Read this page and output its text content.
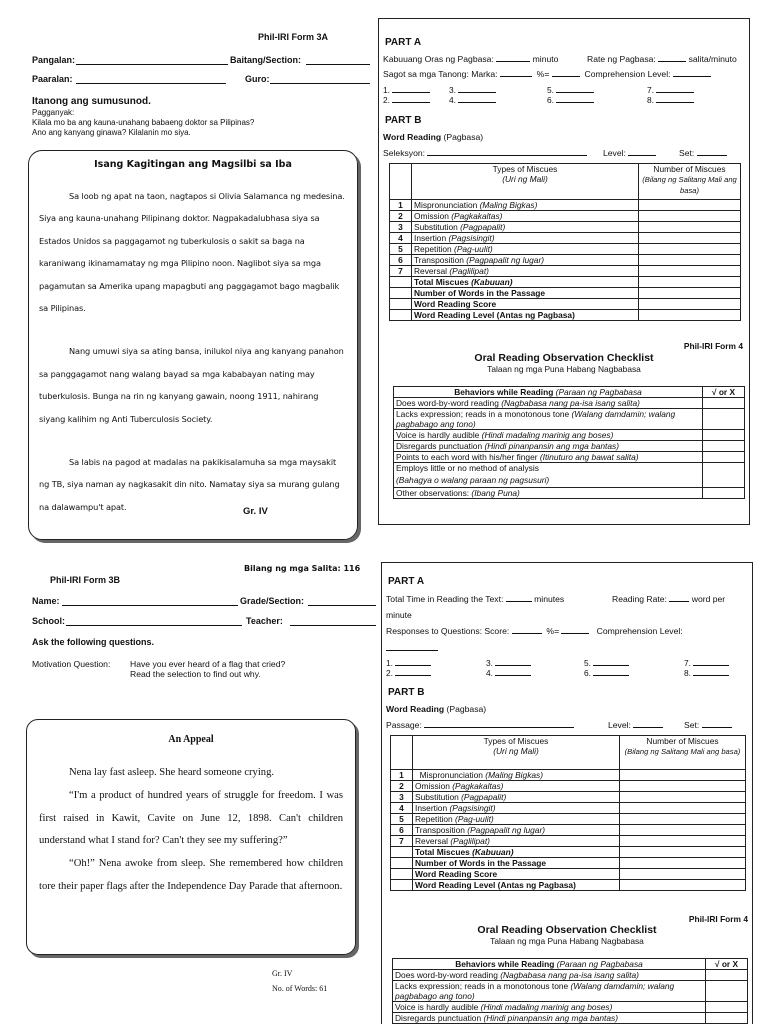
Phil-IRI Form 3A
Pangalan:	Baitang/Section:
Paaralan:	Guro:
Itanong ang sumusunod.
Pagganyak:
Kilala mo ba ang kauna-unahang babaeng doktor sa Pilipinas?
Ano ang kanyang ginawa? Kilalanin mo siya.
Isang Kagitingan ang Magsilbi sa Iba

Sa loob ng apat na taon, nagtapos si Olivia Salamanca ng medesina. Siya ang kauna-unahang Pilipinang doktor. Nagpakadalubhasa siya sa Estados Unidos sa paggagamot ng tuberkulosis o sakit sa baga na karaniwang ikinamamatay ng mga Pilipino noon. Naglibot siya sa mga pagamutan sa Amerika upang mapagbuti ang paggagamot bago magbalik sa Pilipinas.

Nang umuwi siya sa ating bansa, inilukol niya ang kanyang panahon sa panggagamot nang walang bayad sa mga kababayan nating may tuberkulosis. Bunga na rin ng kanyang gawain, noong 1911, nahirang siyang kalihim ng Anti Tuberculosis Society.

Sa labis na pagod at madalas na pakikisalamuha sa mga maysakit ng TB, siya naman ay nagkasakit din nito. Namatay siya sa murang gulang na dalawampu't apat.	Gr. IV
PART A
Kabuuang Oras ng Pagbasa:	minuto	Rate ng Pagbasa:	salita/minuto
Sagot sa mga Tanong: Marka:	%=	Comprehension Level:
1.
2.
3.
4.
5.
6.
7.
8.
PART B
Word Reading (Pagbasa)
Seleksyon:	Level:	Set:
	Types of Miscues
(Uri ng Mali)	Number of Miscues
(Bilang ng Salitang Mali ang basa)
1	Mispronunciation (Maling Bigkas)	
2	Omission (Pagkakaltas)	
3	Substitution (Pagpapalit)	
4	Insertion (Pagsisingit)	
5	Repetition (Pag-uulit)	
6	Transposition (Pagpapalit ng lugar)	
7	Reversal (Paglilipat)	
	Total Miscues (Kabuuan)	
	Number of Words in the Passage	
	Word Reading Score	
	Word Reading Level (Antas ng Pagbasa)	
Phil-IRI Form 4
Oral Reading Observation Checklist
Talaan ng mga Puna Habang Nagbabasa
Behaviors while Reading (Paraan ng Pagbabasa	√ or X
Does word-by-word reading (Nagbabasa nang pa-isa isang salita)	
Lacks expression; reads in a monotonous tone (Walang damdamin; walang pagbabago ang tono)	
Voice is hardly audible (Hindi madaling marinig ang boses)	
Disregards punctuation (Hindi pinanpansin ang mga bantas)	
Points to each word with his/her finger (Itinuturo ang bawat salita)	
Employs little or no method of analysis
(Bahagya o walang paraan ng pagsusuri)	
Other observations: (Ibang Puna)	
Bilang ng mga Salita: 116
Phil-IRI Form 3B
Name:	Grade/Section:
School:	Teacher:
Ask the following questions.
Motivation Question: Have you ever heard of a flag that cried?
Read the selection to find out why.
An Appeal

Nena lay fast asleep. She heard someone crying.

“I'm a product of hundred years of struggle for freedom. I was first raised in Kawit, Cavite on June 12, 1898. Can't children understand what I stand for? Can't they see my suffering?”

“Oh!” Nena awoke from sleep. She remembered how children tore their paper flags after the Independence Day Parade that afternoon.

Gr. IV
No. of Words: 61
PART A
Total Time in Reading the Text:	minutes	Reading Rate:	word per
minute
Responses to Questions: Score:	%=	Comprehension Level:
1.
2.
3.
4.
5.
6.
7.
8.
PART B
Word Reading (Pagbasa)
Passage:	Level:	Set:
	Types of Miscues
(Uri ng Mali)	Number of Miscues
(Bilang ng Salitang Mali ang basa)
1	Mispronunciation (Maling Bigkas)	
2	Omission (Pagkakaltas)	
3	Substitution (Pagpapalit)	
4	Insertion (Pagsisingit)	
5	Repetition (Pag-uulit)	
6	Transposition (Pagpapalit ng lugar)	
7	Reversal (Paglilipat)	
	Total Miscues (Kabuuan)	
	Number of Words in the Passage	
	Word Reading Score	
	Word Reading Level (Antas ng Pagbasa)	
Phil-IRI Form 4
Oral Reading Observation Checklist
Talaan ng mga Puna Habang Nagbabasa
Behaviors while Reading (Paraan ng Pagbabasa	√ or X
Does word-by-word reading (Nagbabasa nang pa-isa isang salita)	
Lacks expression; reads in a monotonous tone (Walang damdamin; walang pagbabago ang tono)	
Voice is hardly audible (Hindi madaling marinig ang boses)	
Disregards punctuation (Hindi pinanpansin ang mga bantas)	
